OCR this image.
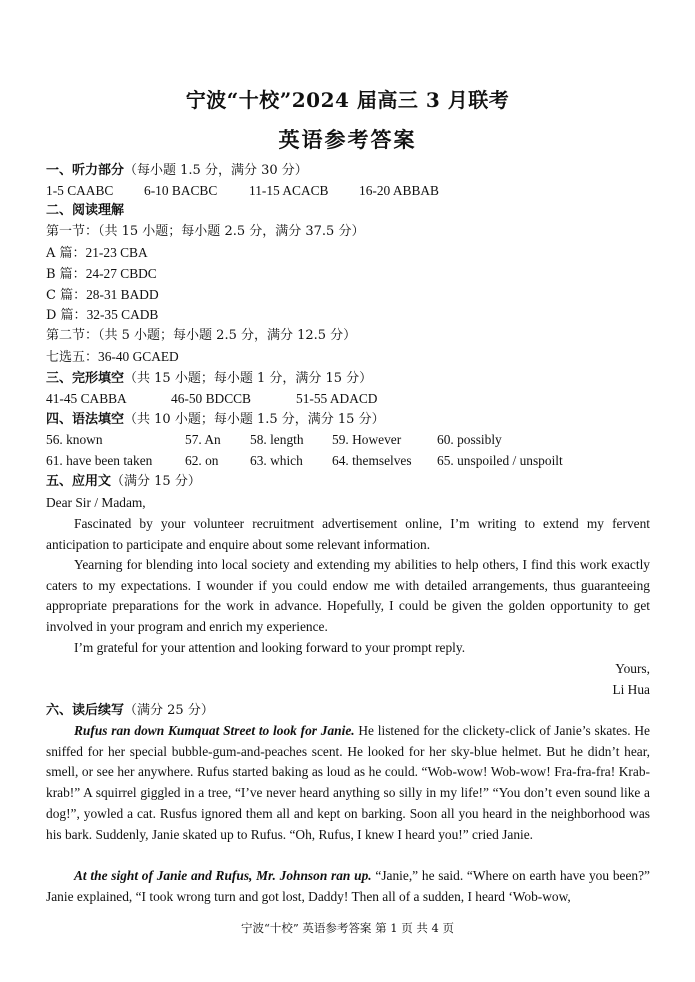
宁波“十校”2024 届高三 3 月联考
英语参考答案
一、听力部分（每小题 1.5 分，满分 30 分）
1-5 CAABC 6-10 BACBC 11-15 ACACB 16-20 ABBAB
二、阅读理解
第一节：（共 15 小题；每小题 2.5 分，满分 37.5 分）
A 篇：21-23 CBA
B 篇：24-27 CBDC
C 篇：28-31 BADD
D 篇：32-35 CADB
第二节：（共 5 小题；每小题 2.5 分，满分 12.5 分）
七选五：36-40 GCAED
三、完形填空（共 15 小题；每小题 1 分，满分 15 分）
41-45 CABBA	46-50 BDCCB	51-55 ADACD
四、语法填空（共 10 小题；每小题 1.5 分，满分 15 分）
56. known	57. An 58. length 59. However	60. possibly
61. have been taken 62. on 63. which 64. themselves 65. unspoiled / unspoilt
五、应用文（满分 15 分）
Dear Sir / Madam,
Fascinated by your volunteer recruitment advertisement online, I’m writing to extend my fervent anticipation to participate and enquire about some relevant information.
Yearning for blending into local society and extending my abilities to help others, I find this work exactly caters to my expectations. I wounder if you could endow me with detailed arrangements, thus guaranteeing appropriate preparations for the work in advance. Hopefully, I could be given the golden opportunity to get involved in your program and enrich my experience.
I’m grateful for your attention and looking forward to your prompt reply.
Yours,
Li Hua
六、读后续写（满分 25 分）
Rufus ran down Kumquat Street to look for Janie. He listened for the clickety-click of Janie’s skates. He sniffed for her special bubble-gum-and-peaches scent. He looked for her sky-blue helmet. But he didn’t hear, smell, or see her anywhere. Rufus started baking as loud as he could. “Wob-wow! Wob-wow! Fra-fra-fra! Krab-krab!” A squirrel giggled in a tree, “I’ve never heard anything so silly in my life!” “You don’t even sound like a dog!”, yowled a cat. Rusfus ignored them all and kept on barking. Soon all you heard in the neighborhood was his bark. Suddenly, Janie skated up to Rufus. “Oh, Rufus, I knew I heard you!” cried Janie.
At the sight of Janie and Rufus, Mr. Johnson ran up. “Janie,” he said. “Where on earth have you been?” Janie explained, “I took wrong turn and got lost, Daddy! Then all of a sudden, I heard ‘Wob-wow,
宁波“十校” 英语参考答案 第 1 页 共 4 页
